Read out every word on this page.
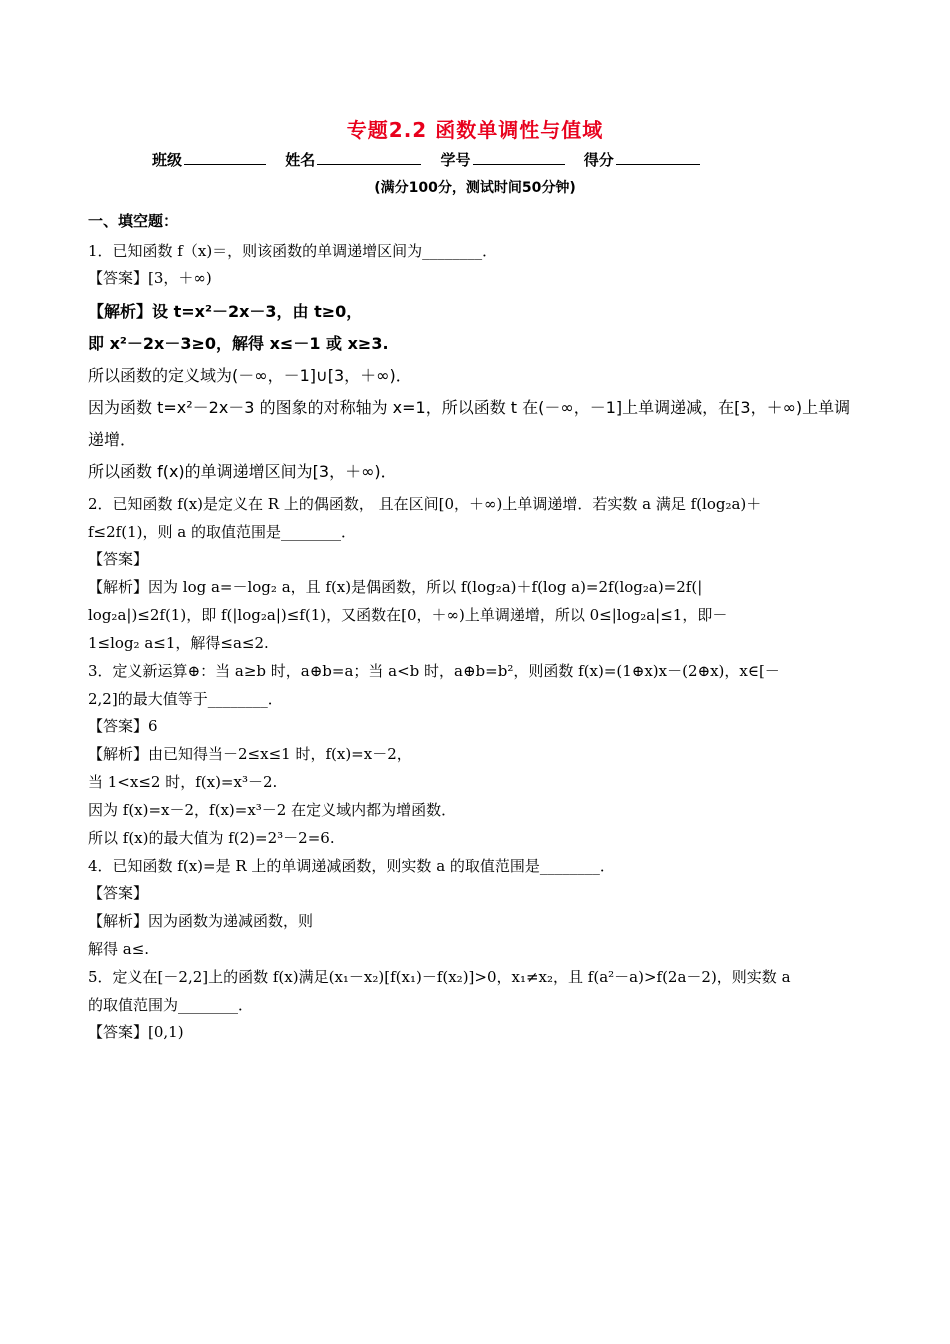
专题2.2 函数单调性与值域
班级	姓名	学号	得分
(满分100分，测试时间50分钟)
一、填空题：
1．已知函数 f（x)＝，则该函数的单调递增区间为________．
【答案】[3，＋∞)
【解析】设 t=x²－2x－3，由 t≥0，
即 x²－2x－3≥0，解得 x≤－1 或 x≥3.
所以函数的定义域为(－∞，－1]∪[3，＋∞)．
因为函数 t=x²－2x－3 的图象的对称轴为 x=1，所以函数 t 在(－∞，－1]上单调递减，在[3，＋∞)上单调
递增．
所以函数 f(x)的单调递增区间为[3，＋∞)．
2．已知函数 f(x)是定义在 R 上的偶函数， 且在区间[0，＋∞)上单调递增．若实数 a 满足 f(log₂a)＋
f≤2f(1)，则 a 的取值范围是________．
【答案】
【解析】因为 log a=－log₂ a，且 f(x)是偶函数，所以 f(log₂a)＋f(log a)=2f(log₂a)=2f(|
log₂a|)≤2f(1)，即 f(|log₂a|)≤f(1)，又函数在[0，＋∞)上单调递增，所以 0≤|log₂a|≤1，即－
1≤log₂ a≤1，解得≤a≤2.
3．定义新运算⊕：当 a≥b 时，a⊕b=a；当 a<b 时，a⊕b=b²，则函数 f(x)=(1⊕x)x－(2⊕x)，x∈[－
2,2]的最大值等于________．
【答案】6
【解析】由已知得当－2≤x≤1 时，f(x)=x－2，
当 1<x≤2 时，f(x)=x³－2.
因为 f(x)=x－2，f(x)=x³－2 在定义域内都为增函数．
所以 f(x)的最大值为 f(2)=2³－2=6.
4．已知函数 f(x)=是 R 上的单调递减函数，则实数 a 的取值范围是________．
【答案】
【解析】因为函数为递减函数，则
解得 a≤.
5．定义在[－2,2]上的函数 f(x)满足(x₁－x₂)[f(x₁)－f(x₂)]>0，x₁≠x₂，且 f(a²－a)>f(2a－2)，则实数 a
的取值范围为________．
【答案】[0,1)
